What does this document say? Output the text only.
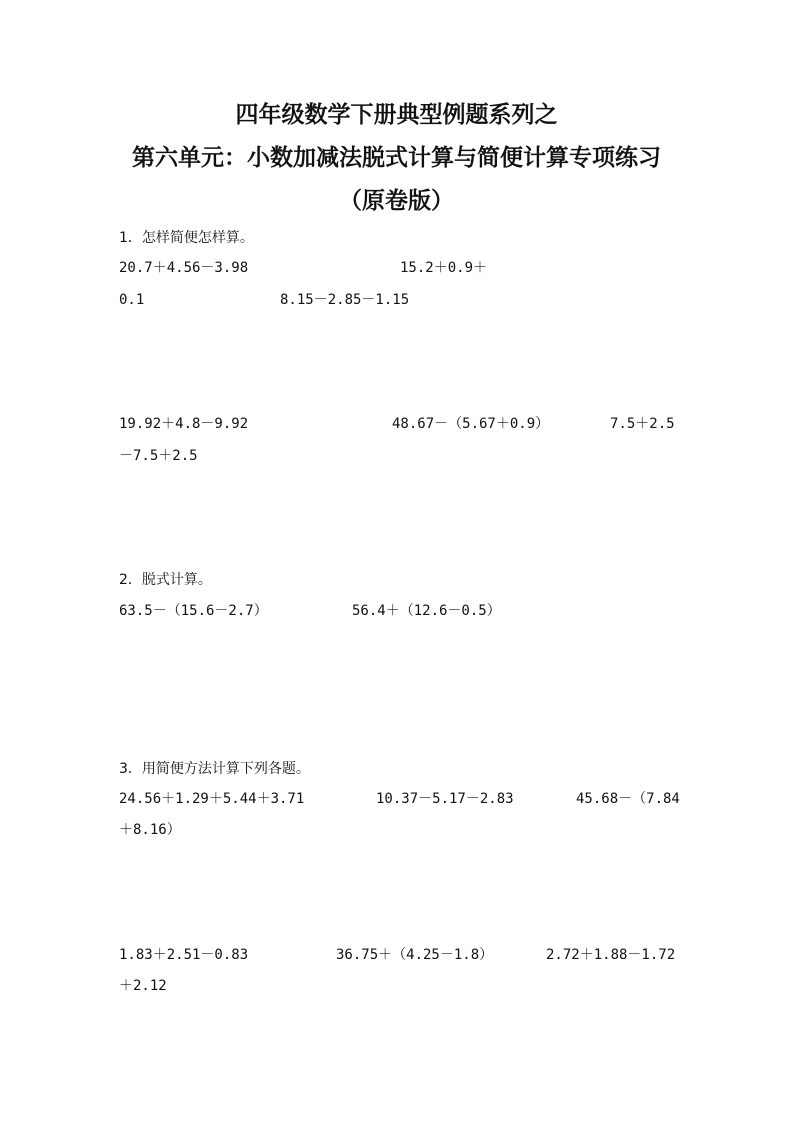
四年级数学下册典型例题系列之
第六单元：小数加减法脱式计算与简便计算专项练习
（原卷版）
1．怎样简便怎样算。
20.7＋4.56－3.98	15.2＋0.9＋
0.1	8.15－2.85－1.15
19.92＋4.8－9.92	48.67－（5.67＋0.9）	7.5＋2.5
－7.5＋2.5
2．脱式计算。
63.5－（15.6－2.7）	56.4＋（12.6－0.5）
3．用简便方法计算下列各题。
24.56＋1.29＋5.44＋3.71	10.37－5.17－2.83	45.68－（7.84
＋8.16）
1.83＋2.51－0.83	36.75＋（4.25－1.8）	2.72＋1.88－1.72
＋2.12
